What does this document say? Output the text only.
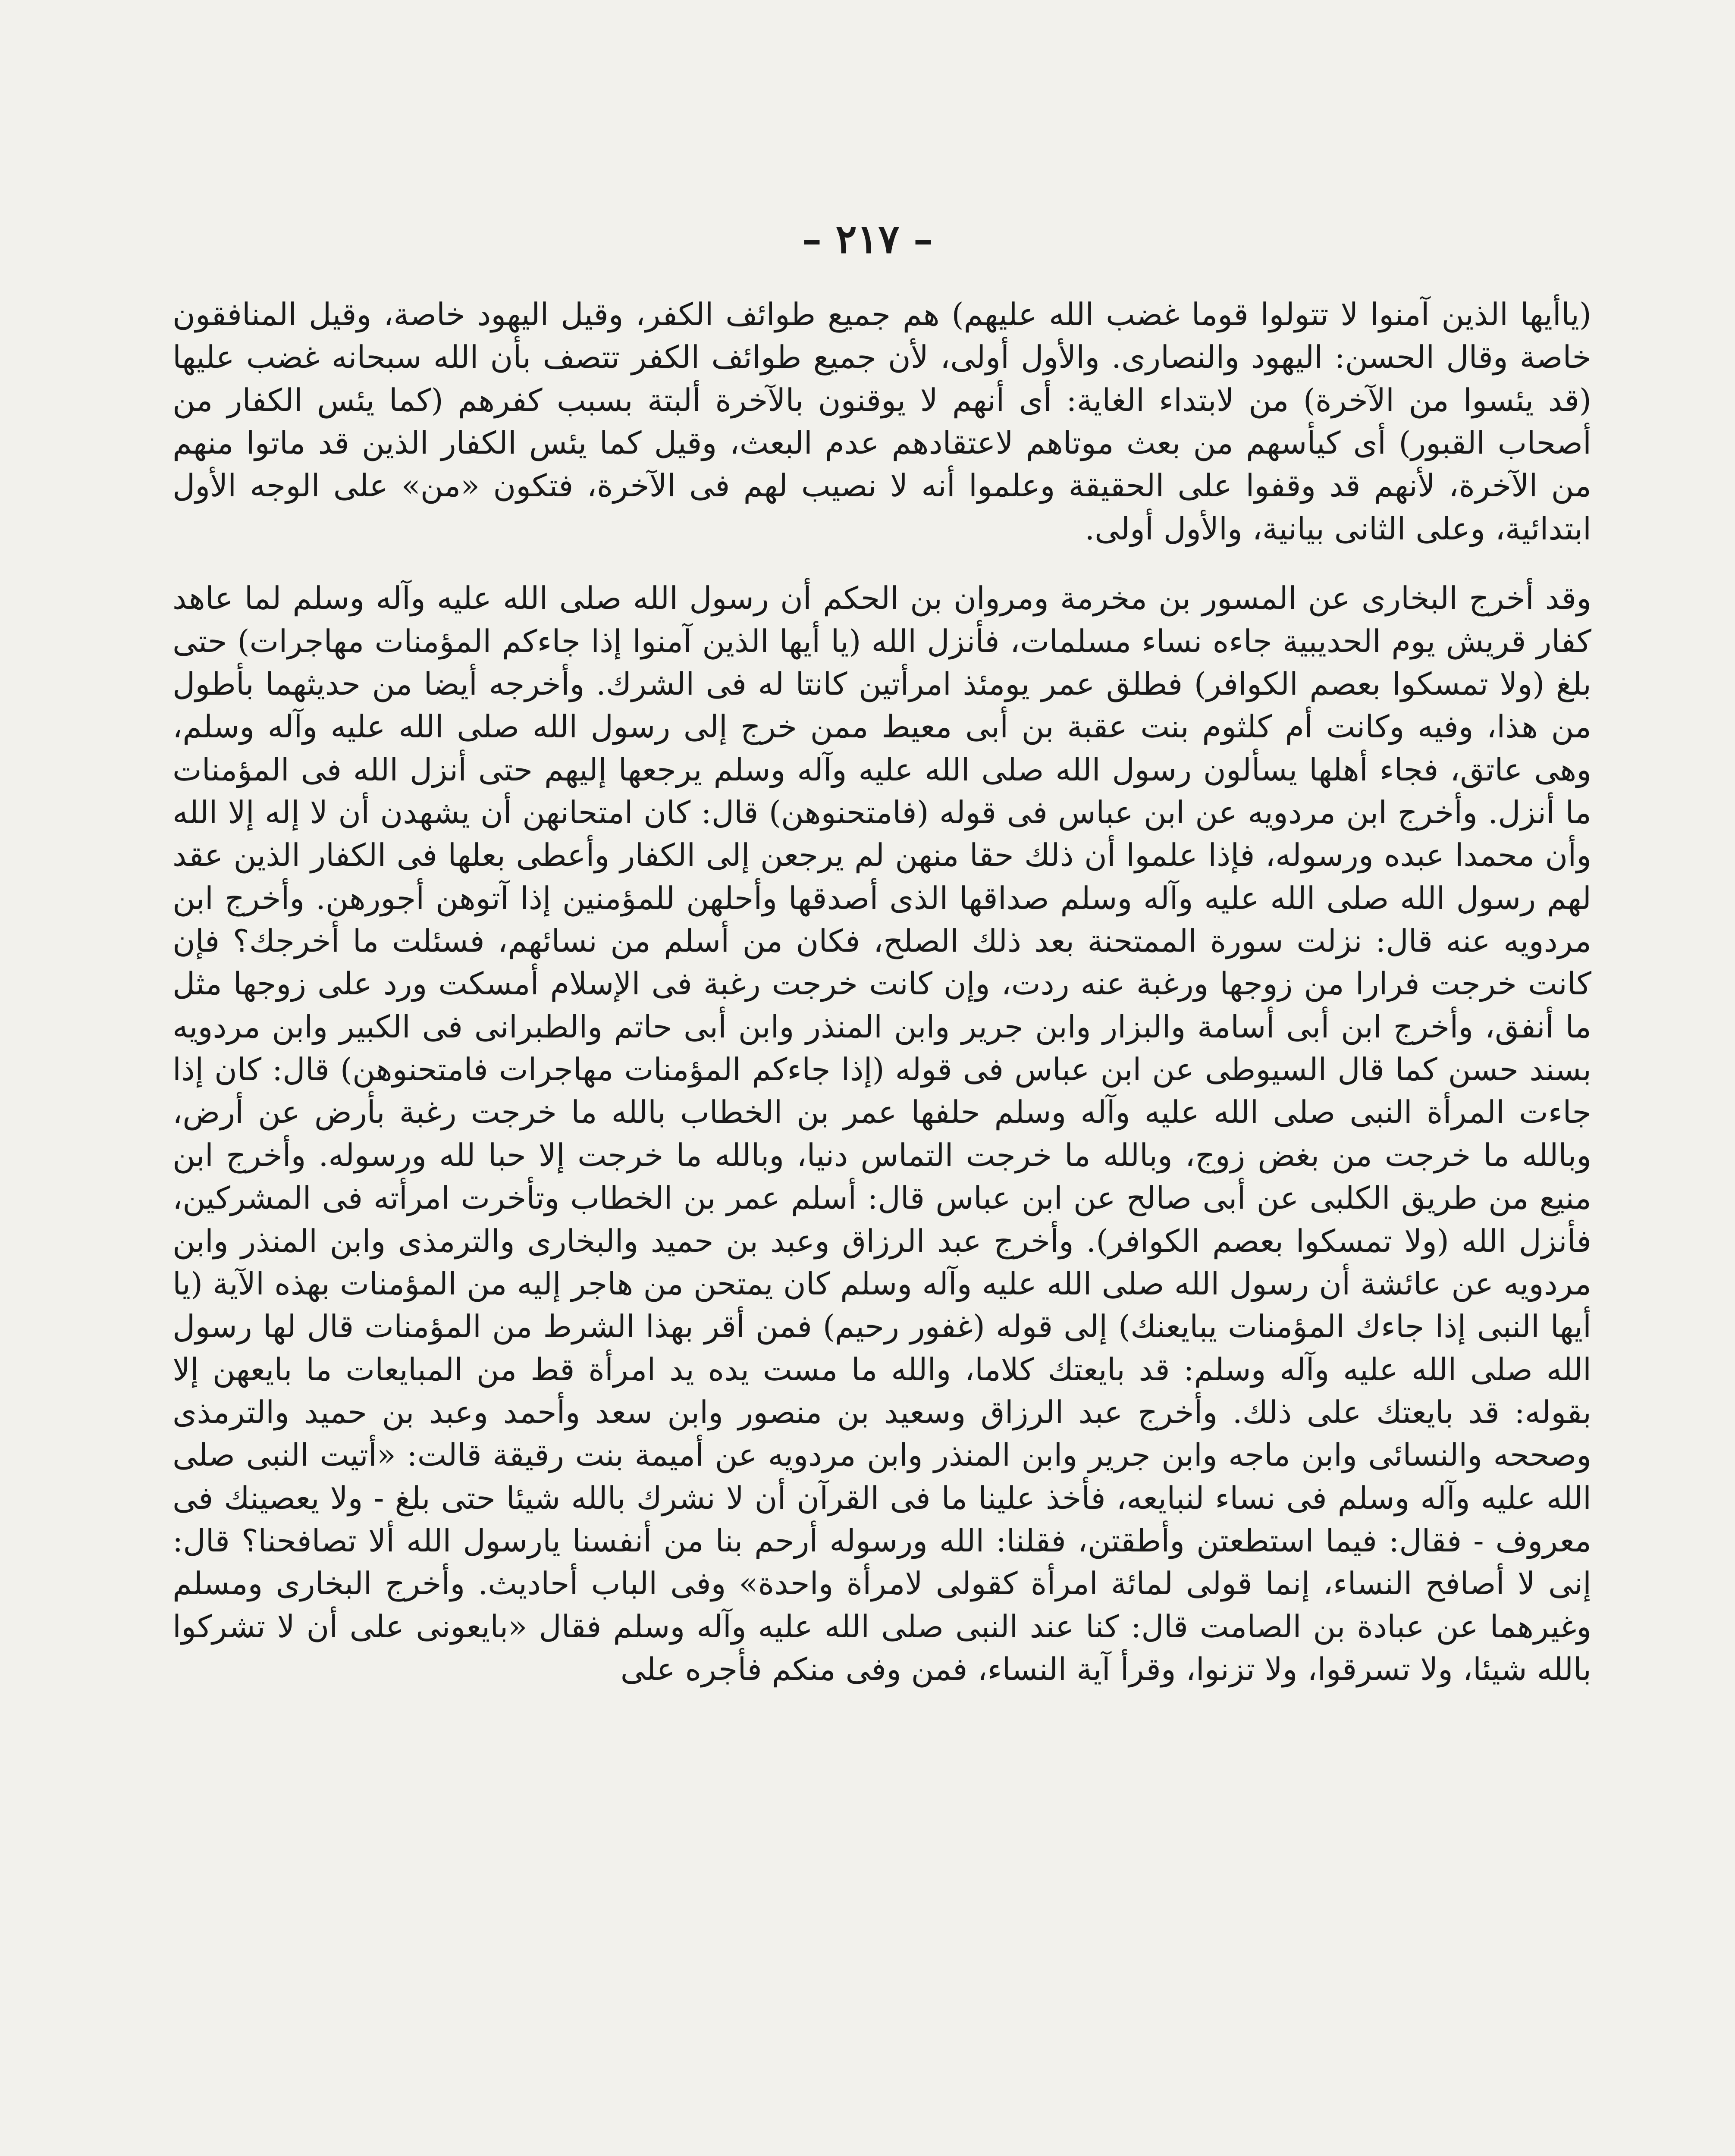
– ٢١٧ –

(ياأيها الذين آمنوا لا تتولوا قوما غضب الله عليهم) هم جميع طوائف الكفر، وقيل اليهود خاصة، وقيل المنافقون خاصة وقال الحسن: اليهود والنصارى. والأول أولى، لأن جميع طوائف الكفر تتصف بأن الله سبحانه غضب عليها (قد يئسوا من الآخرة) من لابتداء الغاية: أى أنهم لا يوقنون بالآخرة ألبتة بسبب كفرهم (كما يئس الكفار من أصحاب القبور) أى كيأسهم من بعث موتاهم لاعتقادهم عدم البعث، وقيل كما يئس الكفار الذين قد ماتوا منهم من الآخرة، لأنهم قد وقفوا على الحقيقة وعلموا أنه لا نصيب لهم فى الآخرة، فتكون «من» على الوجه الأول ابتدائية، وعلى الثانى بيانية، والأول أولى.

وقد أخرج البخارى عن المسور بن مخرمة ومروان بن الحكم أن رسول الله صلى الله عليه وآله وسلم لما عاهد كفار قريش يوم الحديبية جاءه نساء مسلمات، فأنزل الله (يا أيها الذين آمنوا إذا جاءكم المؤمنات مهاجرات) حتى بلغ (ولا تمسكوا بعصم الكوافر) فطلق عمر يومئذ امرأتين كانتا له فى الشرك. وأخرجه أيضا من حديثهما بأطول من هذا، وفيه وكانت أم كلثوم بنت عقبة بن أبى معيط ممن خرج إلى رسول الله صلى الله عليه وآله وسلم، وهى عاتق، فجاء أهلها يسألون رسول الله صلى الله عليه وآله وسلم يرجعها إليهم حتى أنزل الله فى المؤمنات ما أنزل. وأخرج ابن مردويه عن ابن عباس فى قوله (فامتحنوهن) قال: كان امتحانهن أن يشهدن أن لا إله إلا الله وأن محمدا عبده ورسوله، فإذا علموا أن ذلك حقا منهن لم يرجعن إلى الكفار وأعطى بعلها فى الكفار الذين عقد لهم رسول الله صلى الله عليه وآله وسلم صداقها الذى أصدقها وأحلهن للمؤمنين إذا آتوهن أجورهن. وأخرج ابن مردويه عنه قال: نزلت سورة الممتحنة بعد ذلك الصلح، فكان من أسلم من نسائهم، فسئلت ما أخرجك؟ فإن كانت خرجت فرارا من زوجها ورغبة عنه ردت، وإن كانت خرجت رغبة فى الإسلام أمسكت ورد على زوجها مثل ما أنفق، وأخرج ابن أبى أسامة والبزار وابن جرير وابن المنذر وابن أبى حاتم والطبرانى فى الكبير وابن مردويه بسند حسن كما قال السيوطى عن ابن عباس فى قوله (إذا جاءكم المؤمنات مهاجرات فامتحنوهن) قال: كان إذا جاءت المرأة النبى صلى الله عليه وآله وسلم حلفها عمر بن الخطاب بالله ما خرجت رغبة بأرض عن أرض، وبالله ما خرجت من بغض زوج، وبالله ما خرجت التماس دنيا، وبالله ما خرجت إلا حبا لله ورسوله. وأخرج ابن منيع من طريق الكلبى عن أبى صالح عن ابن عباس قال: أسلم عمر بن الخطاب وتأخرت امرأته فى المشركين، فأنزل الله (ولا تمسكوا بعصم الكوافر). وأخرج عبد الرزاق وعبد بن حميد والبخارى والترمذى وابن المنذر وابن مردويه عن عائشة أن رسول الله صلى الله عليه وآله وسلم كان يمتحن من هاجر إليه من المؤمنات بهذه الآية (يا أيها النبى إذا جاءك المؤمنات يبايعنك) إلى قوله (غفور رحيم) فمن أقر بهذا الشرط من المؤمنات قال لها رسول الله صلى الله عليه وآله وسلم: قد بايعتك كلاما، والله ما مست يده يد امرأة قط من المبايعات ما بايعهن إلا بقوله: قد بايعتك على ذلك. وأخرج عبد الرزاق وسعيد بن منصور وابن سعد وأحمد وعبد بن حميد والترمذى وصححه والنسائى وابن ماجه وابن جرير وابن المنذر وابن مردويه عن أميمة بنت رقيقة قالت: «أتيت النبى صلى الله عليه وآله وسلم فى نساء لنبايعه، فأخذ علينا ما فى القرآن أن لا نشرك بالله شيئا حتى بلغ - ولا يعصينك فى معروف - فقال: فيما استطعتن وأطقتن، فقلنا: الله ورسوله أرحم بنا من أنفسنا يارسول الله ألا تصافحنا؟ قال: إنى لا أصافح النساء، إنما قولى لمائة امرأة كقولى لامرأة واحدة» وفى الباب أحاديث. وأخرج البخارى ومسلم وغيرهما عن عبادة بن الصامت قال: كنا عند النبى صلى الله عليه وآله وسلم فقال «بايعونى على أن لا تشركوا بالله شيئا، ولا تسرقوا، ولا تزنوا، وقرأ آية النساء، فمن وفى منكم فأجره على
